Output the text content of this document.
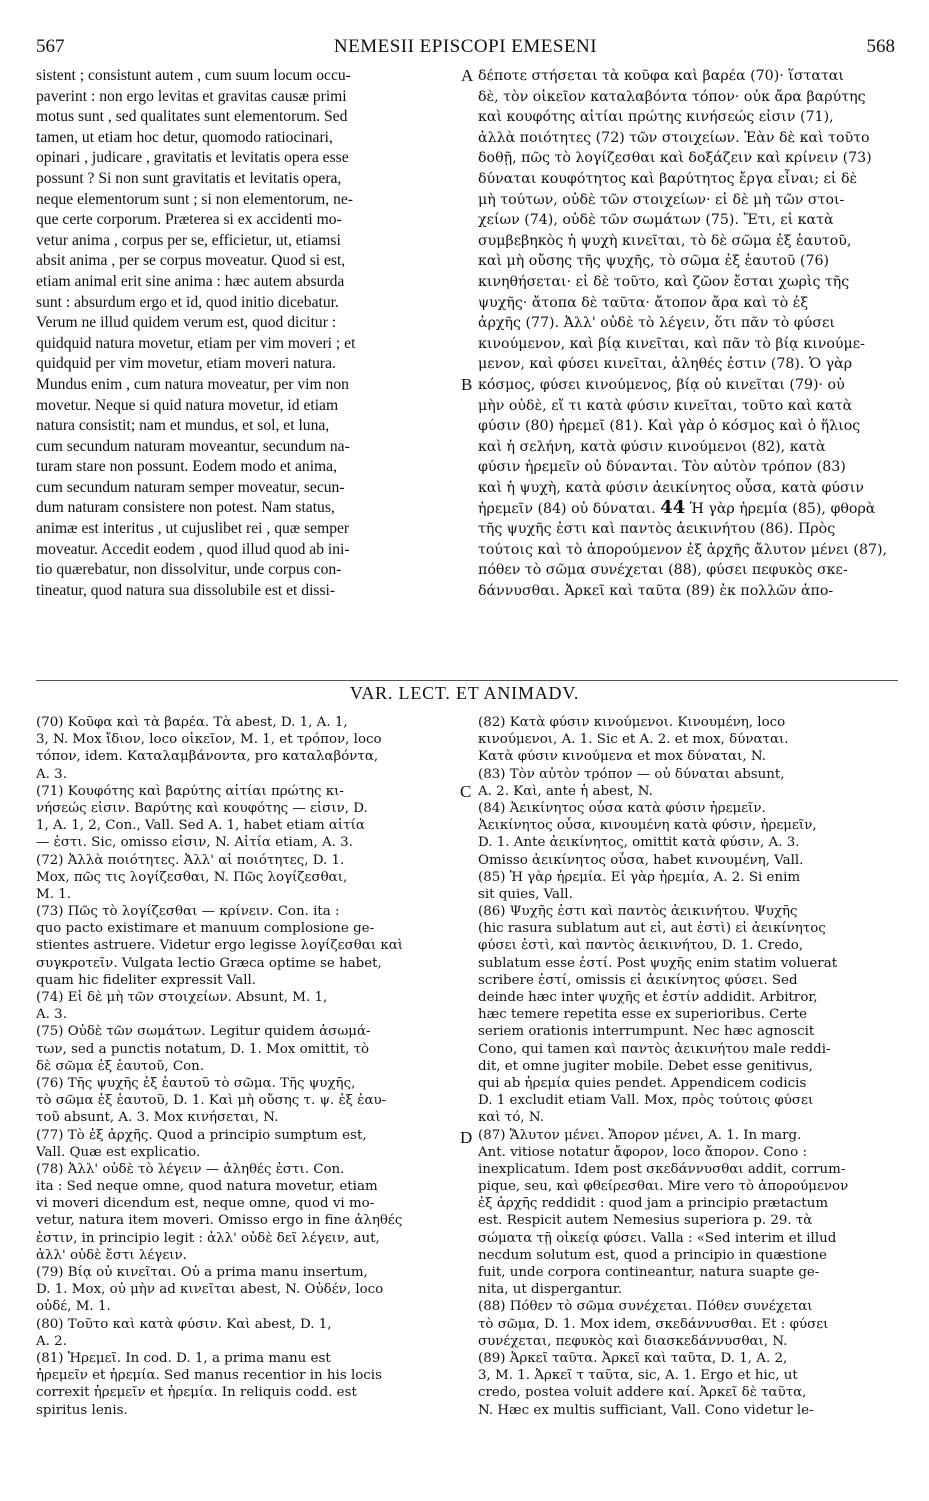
567	NEMESII EPISCOPI EMESENI	568
sistent ; consistunt autem , cum suum locum occu-
paverint : non ergo levitas et gravitas causæ primi
motus sunt , sed qualitates sunt elementorum. Sed
tamen, ut etiam hoc detur, quomodo ratiocinari,
opinari , judicare , gravitatis et levitatis opera esse
possunt ? Si non sunt gravitatis et levitatis opera,
neque elementorum sunt ; si non elementorum, ne-
que certe corporum. Præterea si ex accidenti mo-
vetur anima , corpus per se, efficietur, ut, etiamsi
absit anima , per se corpus moveatur. Quod si est,
etiam animal erit sine anima : hæc autem absurda
sunt : absurdum ergo et id, quod initio dicebatur.
Verum ne illud quidem verum est, quod dicitur :
quidquid natura movetur, etiam per vim moveri ; et
quidquid per vim movetur, etiam moveri natura.
Mundus enim , cum natura moveatur, per vim non
movetur. Neque si quid natura movetur, id etiam
natura consistit; nam et mundus, et sol, et luna,
cum secundum naturam moveantur, secundum na-
turam stare non possunt. Eodem modo et anima,
cum secundum naturam semper moveatur, secun-
dum naturam consistere non potest. Nam status,
animæ est interitus , ut cujuslibet rei , quæ semper
moveatur. Accedit eodem , quod illud quod ab ini-
tio quærebatur, non dissolvitur, unde corpus con-
tineatur, quod natura sua dissolubile est et dissi-
δέποτε στήσεται τὰ κοῦφα καὶ βαρέα (70)· ἵσταται
δὲ, τὸν οἰκεῖον καταλαβόντα τόπον· οὐκ ἄρα βαρύτης
καὶ κουφότης αἰτίαι πρώτης κινήσεώς εἰσιν (71),
ἀλλὰ ποιότητες (72) τῶν στοιχείων. Ἐὰν δὲ καὶ τοῦτο
δοθῇ, πῶς τὸ λογίζεσθαι καὶ δοξάζειν καὶ κρίνειν (73)
δύναται κουφότητος καὶ βαρύτητος ἔργα εἶναι; εἰ δὲ
μὴ τούτων, οὐδὲ τῶν στοιχείων· εἰ δὲ μὴ τῶν στοι-
χείων (74), οὐδὲ τῶν σωμάτων (75). Ἔτι, εἰ κατὰ
συμβεβηκὸς ἡ ψυχὴ κινεῖται, τὸ δὲ σῶμα ἐξ ἑαυτοῦ,
καὶ μὴ οὔσης τῆς ψυχῆς, τὸ σῶμα ἐξ ἑαυτοῦ (76)
κινηθήσεται· εἰ δὲ τοῦτο, καὶ ζῶον ἔσται χωρὶς τῆς
ψυχῆς· ἄτοπα δὲ ταῦτα· ἄτοπον ἄρα καὶ τὸ ἐξ
ἀρχῆς (77). Ἀλλ' οὐδὲ τὸ λέγειν, ὅτι πᾶν τὸ φύσει
κινούμενον, καὶ βίᾳ κινεῖται, καὶ πᾶν τὸ βίᾳ κινούμε-
μενον, καὶ φύσει κινεῖται, ἀληθές ἐστιν (78). Ὁ γὰρ
κόσμος, φύσει κινούμενος, βίᾳ οὐ κινεῖται (79)· οὐ
μὴν οὐδὲ, εἴ τι κατὰ φύσιν κινεῖται, τοῦτο καὶ κατὰ
φύσιν (80) ἠρεμεῖ (81). Καὶ γὰρ ὁ κόσμος καὶ ὁ ἥλιος
καὶ ἡ σελήνη, κατὰ φύσιν κινούμενοι (82), κατὰ
φύσιν ἠρεμεῖν οὐ δύνανται. Τὸν αὐτὸν τρόπον (83)
καὶ ἡ ψυχὴ, κατὰ φύσιν ἀεικίνητος οὖσα, κατὰ φύσιν
ἠρεμεῖν (84) οὐ δύναται. 44 Ἡ γὰρ ἠρεμία (85), φθορὰ
τῆς ψυχῆς ἐστι καὶ παντὸς ἀεικινήτου (86). Πρὸς
τούτοις καὶ τὸ ἀπορούμενον ἐξ ἀρχῆς ἄλυτον μένει (87),
πόθεν τὸ σῶμα συνέχεται (88), φύσει πεφυκὸς σκε-
δάννυσθαι. Ἀρκεῖ καὶ ταῦτα (89) ἐκ πολλῶν ἀπο-
A
B
C
D
VAR. LECT. ET ANIMADV.
(70) Κοῦφα καὶ τὰ βαρέα. Τὰ abest, D. 1, A. 1,
3, N. Mox ἴδιον, loco οἰκεῖον, M. 1, et τρόπον, loco
τόπον, idem. Καταλαμβάνοντα, pro καταλαβόντα,
A. 3.
(71) Κουφότης καὶ βαρύτης αἰτίαι πρώτης κι-
νήσεώς εἰσιν. Βαρύτης καὶ κουφότης — εἰσιν, D.
1, A. 1, 2, Con., Vall. Sed A. 1, habet etiam αἰτία
— ἐστι. Sic, omisso εἰσιν, N. Αἰτία etiam, A. 3.
(72) Ἀλλὰ ποιότητες. Ἀλλ' αἱ ποιότητες, D. 1.
Mox, πῶς τις λογίζεσθαι, N. Πῶς λογίζεσθαι,
M. 1.
(73) Πῶς τὸ λογίζεσθαι — κρίνειν. Con. ita :
quo pacto existimare et manuum complosione ge-
stientes astruere. Videtur ergo legisse λογίζεσθαι καὶ
συγκροτεῖν. Vulgata lectio Græca optime se habet,
quam hic fideliter expressit Vall.
(74) Εἰ δὲ μὴ τῶν στοιχείων. Absunt, M. 1,
A. 3.
(75) Οὐδὲ τῶν σωμάτων. Legitur quidem ἀσωμά-
των, sed a punctis notatum, D. 1. Mox omittit, τὸ
δὲ σῶμα ἐξ ἑαυτοῦ, Con.
(76) Τῆς ψυχῆς ἐξ ἑαυτοῦ τὸ σῶμα. Τῆς ψυχῆς,
τὸ σῶμα ἐξ ἑαυτοῦ, D. 1. Καὶ μὴ οὔσης τ. ψ. ἐξ ἑαυ-
τοῦ absunt, A. 3. Mox κινήσεται, N.
(77) Τὸ ἐξ ἀρχῆς. Quod a principio sumptum est,
Vall. Quæ est explicatio.
(78) Ἀλλ' οὐδὲ τὸ λέγειν — ἀληθές ἐστι. Con.
ita : Sed neque omne, quod natura movetur, etiam
vi moveri dicendum est, neque omne, quod vi mo-
vetur, natura item moveri. Omisso ergo in fine ἀληθές
ἐστιν, in principio legit : ἀλλ' οὐδὲ δεῖ λέγειν, aut,
ἀλλ' οὐδὲ ἔστι λέγειν.
(79) Βίᾳ οὐ κινεῖται. Οὐ a prima manu insertum,
D. 1. Mox, οὐ μὴν ad κινεῖται abest, N. Οὐδέν, loco
οὐδέ, M. 1.
(80) Τοῦτο καὶ κατὰ φύσιν. Καὶ abest, D. 1,
A. 2.
(81) Ἠρεμεῖ. In cod. D. 1, a prima manu est
ἠρεμεῖν et ἠρεμία. Sed manus recentior in his locis
correxit ἠρεμεῖν et ἠρεμία. In reliquis codd. est
spiritus lenis.
(82) Κατὰ φύσιν κινούμενοι. Κινουμένη, loco
κινούμενοι, A. 1. Sic et A. 2. et mox, δύναται.
Κατὰ φύσιν κινούμενα et mox δύναται, N.
(83) Τὸν αὐτὸν τρόπον — οὐ δύναται absunt,
A. 2. Καὶ, ante ἡ abest, N.
(84) Ἀεικίνητος οὖσα κατὰ φύσιν ἠρεμεῖν.
Ἀεικίνητος οὖσα, κινουμένη κατὰ φύσιν, ἠρεμεῖν,
D. 1. Ante ἀεικίνητος, omittit κατὰ φύσιν, A. 3.
Omisso ἀεικίνητος οὖσα, habet κινουμένη, Vall.
(85) Ἡ γὰρ ἠρεμία. Εἰ γὰρ ἠρεμία, A. 2. Si enim
sit quies, Vall.
(86) Ψυχῆς ἐστι καὶ παντὸς ἀεικινήτου. Ψυχῆς
(hic rasura sublatum aut εἰ, aut ἐστὶ) εἰ ἀεικίνητος
φύσει ἐστὶ, καὶ παντὸς ἀεικινήτου, D. 1. Credo,
sublatum esse ἐστί. Post ψυχῆς enim statim voluerat
scribere ἐστί, omissis εἰ ἀεικίνητος φύσει. Sed
deinde hæc inter ψυχῆς et ἐστίν addidit. Arbitror,
hæc temere repetita esse ex superioribus. Certe
seriem orationis interrumpunt. Nec hæc agnoscit
Cono, qui tamen καὶ παντὸς ἀεικινήτου male reddi-
dit, et omne jugiter mobile. Debet esse genitivus,
qui ab ἠρεμία quies pendet. Appendicem codicis
D. 1 excludit etiam Vall. Mox, πρὸς τούτοις φύσει
καὶ τό, N.
(87) Ἄλυτον μένει. Ἄπορον μένει, A. 1. In marg.
Ant. vitiose notatur ἄφορον, loco ἄπορον. Cono :
inexplicatum. Idem post σκεδάννυσθαι addit, corrum-
pique, seu, καὶ φθείρεσθαι. Mire vero τὸ ἀπορούμενον
ἐξ ἀρχῆς reddidit : quod jam a principio prætactum
est. Respicit autem Nemesius superiora p. 29. τὰ
σώματα τῇ οἰκείᾳ φύσει. Valla : «Sed interim et illud
necdum solutum est, quod a principio in quæstione
fuit, unde corpora contineantur, natura suapte ge-
nita, ut dispergantur.
(88) Πόθεν τὸ σῶμα συνέχεται. Πόθεν συνέχεται
τὸ σῶμα, D. 1. Mox idem, σκεδάννυσθαι. Et : φύσει
συνέχεται, πεφυκὸς καὶ διασκεδάννυσθαι, N.
(89) Ἀρκεῖ ταῦτα. Ἀρκεῖ καὶ ταῦτα, D. 1, A. 2,
3, M. 1. Ἀρκεῖ τ ταῦτα, sic, A. 1. Ergo et hic, ut
credo, postea voluit addere καί. Ἀρκεῖ δὲ ταῦτα,
N. Hæc ex multis sufficiant, Vall. Cono videtur le-
